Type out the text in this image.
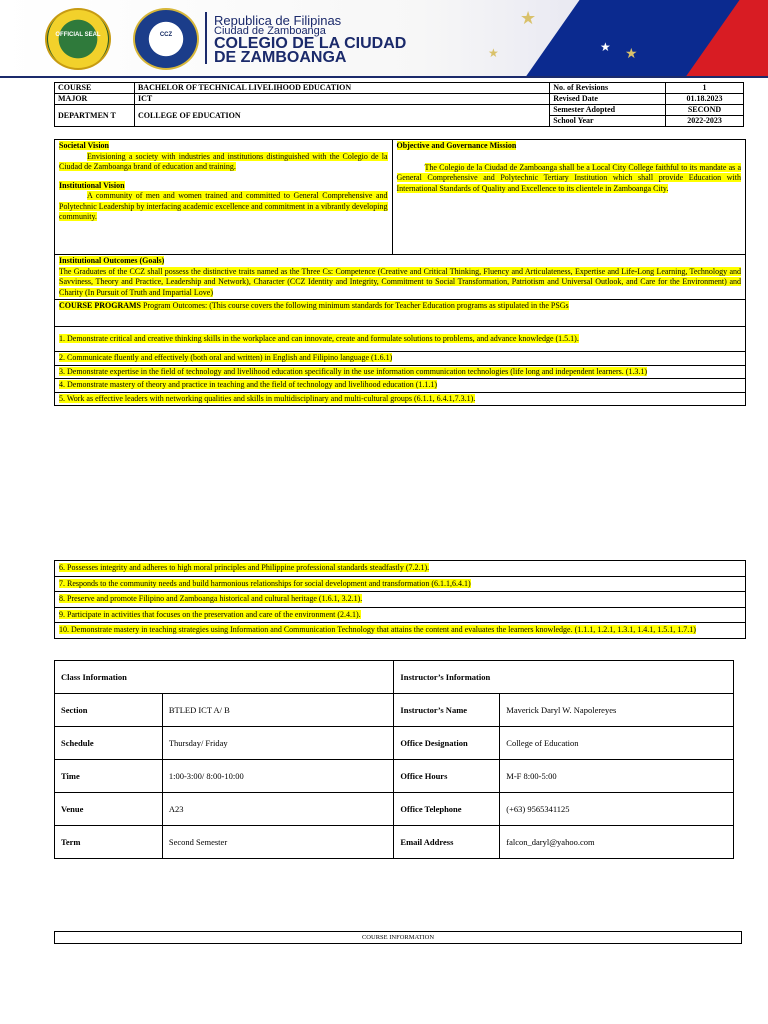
OFFICIAL SEAL	CCZ
Republica de Filipinas
Ciudad de Zamboanga
COLEGIO DE LA CIUDAD
DE ZAMBOANGA
★
★	★ ★
COURSE	BACHELOR OF TECHNICAL LIVELIHOOD EDUCATION	No. of Revisions	1
MAJOR	ICT	Revised Date	01.18.2023
DEPARTMEN T	COLLEGE OF EDUCATION	Semester Adopted	SECOND
		School Year	2022-2023
Societal Vision
Envisioning a society with industries and institutions distinguished with the Colegio de la Ciudad de Zamboanga brand of education and training.
Institutional Vision
A community of men and women trained and committed to General Comprehensive and Polytechnic Leadership by interfacing academic excellence and commitment in a vibrantly developing community.

Objective and Governance Mission
The Colegio de la Ciudad de Zamboanga shall be a Local City College faithful to its mandate as a General Comprehensive and Polytechnic Tertiary Institution which shall provide Education with International Standards of Quality and Excellence to its clientele in Zamboanga City.

Institutional Outcomes (Goals)
The Graduates of the CCZ shall possess the distinctive traits named as the Three Cs: Competence (Creative and Critical Thinking, Fluency and Articulateness, Expertise and Life-Long Learning, Technology and Savviness, Theory and Practice, Leadership and Network), Character (CCZ Identity and Integrity, Commitment to Social Transformation, Patriotism and Universal Outlook, and Care for the Environment) and Charity (In Pursuit of Truth and Impartial Love)

COURSE PROGRAMS Program Outcomes: (This course covers the following minimum standards for Teacher Education programs as stipulated in the PSGs
1. Demonstrate critical and creative thinking skills in the workplace and can innovate, create and formulate solutions to problems, and advance knowledge (1.5.1).
2. Communicate fluently and effectively (both oral and written) in English and Filipino language (1.6.1)
3. Demonstrate expertise in the field of technology and livelihood education specifically in the use information communication technologies (life long and independent learners. (1.3.1)
4. Demonstrate mastery of theory and practice in teaching and the field of technology and livelihood education (1.1.1)
5. Work as effective leaders with networking qualities and skills in multidisciplinary and multi-cultural groups (6.1.1, 6.4.1,7.3.1).
6. Possesses integrity and adheres to high moral principles and Philippine professional standards steadfastly (7.2.1).
7. Responds to the community needs and build harmonious relationships for social development and transformation (6.1.1,6.4.1)
8. Preserve and promote Filipino and Zamboanga historical and cultural heritage (1.6.1, 3.2.1).
9. Participate in activities that focuses on the preservation and care of the environment (2.4.1).
10. Demonstrate mastery in teaching strategies using Information and Communication Technology that attains the content and evaluates the learners knowledge. (1.1.1, 1.2.1, 1.3.1, 1.4.1, 1.5.1, 1.7.1)
Class Information		Instructor’s Information	
Section	BTLED ICT A/ B	Instructor’s Name	Maverick Daryl W. Napolereyes
Schedule	Thursday/ Friday	Office Designation	College of Education
Time	1:00-3:00/ 8:00-10:00	Office Hours	M-F 8:00-5:00
Venue	A23	Office Telephone	(+63) 9565341125
Term	Second Semester	Email Address	falcon_daryl@yahoo.com
COURSE INFORMATION
